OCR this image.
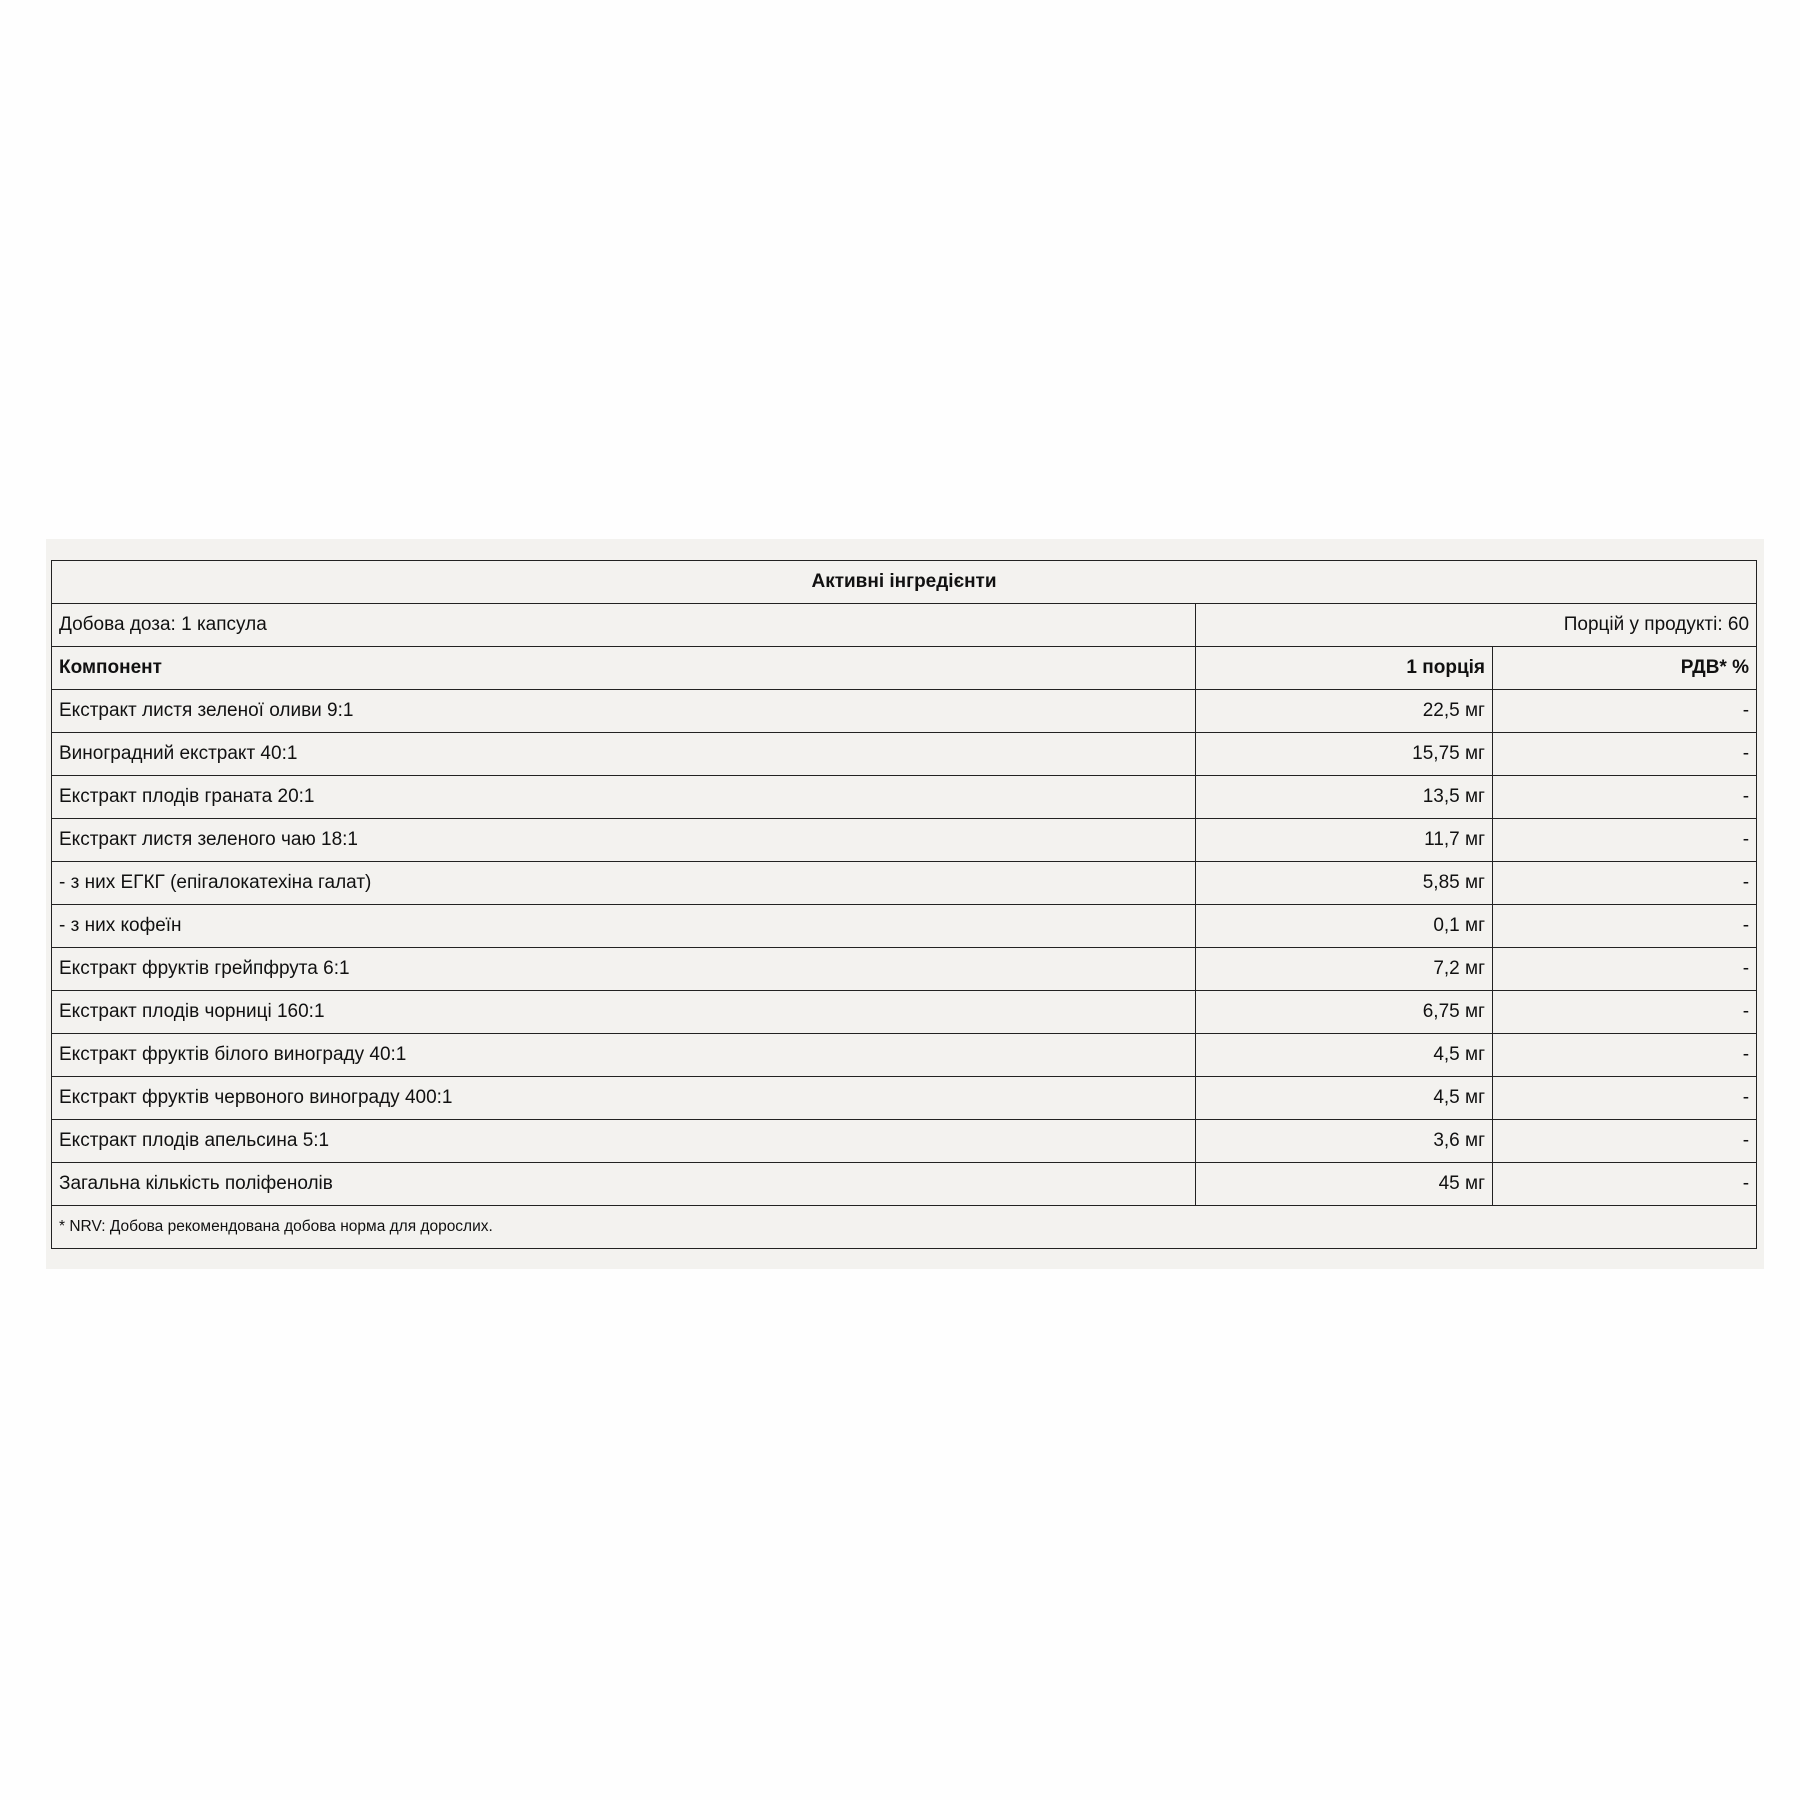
Активні інгредієнти		
Добова доза: 1 капсула	Порцій у продукті: 60	
Компонент	1 порція	РДВ* %
Екстракт листя зеленої оливи 9:1	22,5 мг	-
Виноградний екстракт 40:1	15,75 мг	-
Екстракт плодів граната 20:1	13,5 мг	-
Екстракт листя зеленого чаю 18:1	11,7 мг	-
- з них ЕГКГ (епігалокатехіна галат)	5,85 мг	-
- з них кофеїн	0,1 мг	-
Екстракт фруктів грейпфрута 6:1	7,2 мг	-
Екстракт плодів чорниці 160:1	6,75 мг	-
Екстракт фруктів білого винограду 40:1	4,5 мг	-
Екстракт фруктів червоного винограду 400:1	4,5 мг	-
Екстракт плодів апельсина 5:1	3,6 мг	-
Загальна кількість поліфенолів	45 мг	-
* NRV: Добова рекомендована добова норма для дорослих.		
